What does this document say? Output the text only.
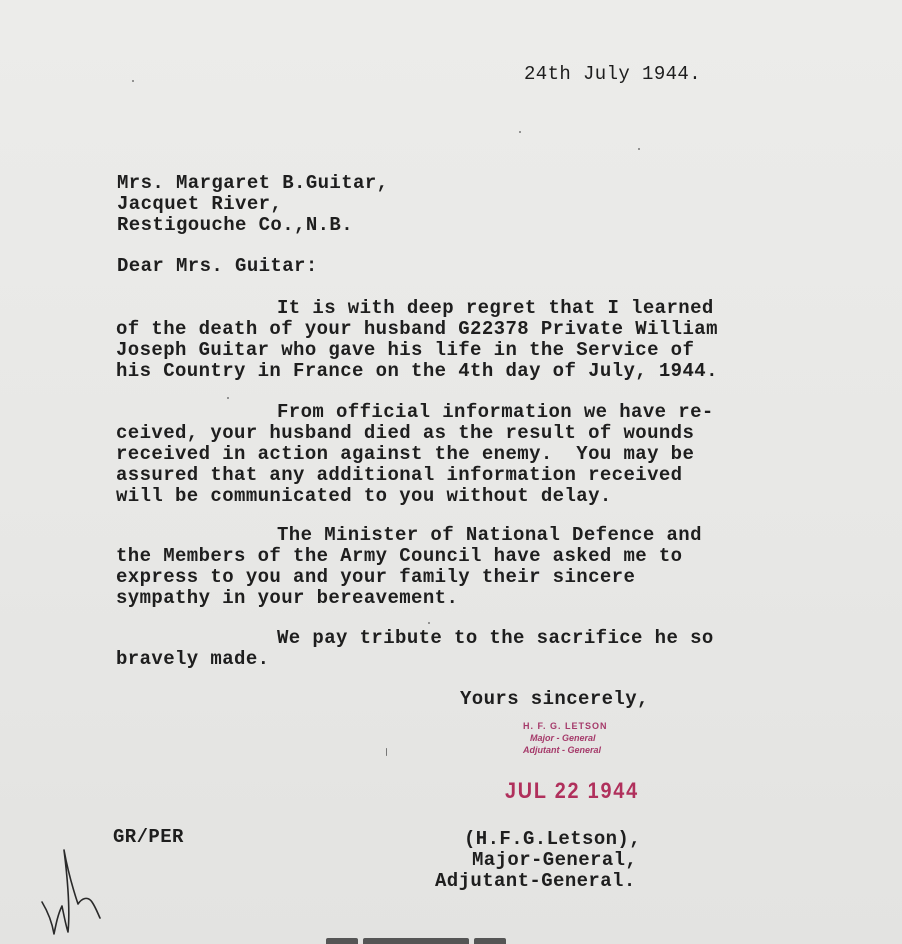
24th July 1944.
Mrs. Margaret B.Guitar,
Jacquet River,
Restigouche Co.,N.B.
Dear Mrs. Guitar:
It is with deep regret that I learned
of the death of your husband G22378 Private William
Joseph Guitar who gave his life in the Service of
his Country in France on the 4th day of July, 1944.
From official information we have re-
ceived, your husband died as the result of wounds
received in action against the enemy.  You may be
assured that any additional information received
will be communicated to you without delay.
The Minister of National Defence and
the Members of the Army Council have asked me to
express to you and your family their sincere
sympathy in your bereavement.
We pay tribute to the sacrifice he so
bravely made.
Yours sincerely,
H. F. G. LETSON
Major - General
Adjutant - General
JUL 22 1944
GR/PER	(H.F.G.Letson),
Major-General,
Adjutant-General.
